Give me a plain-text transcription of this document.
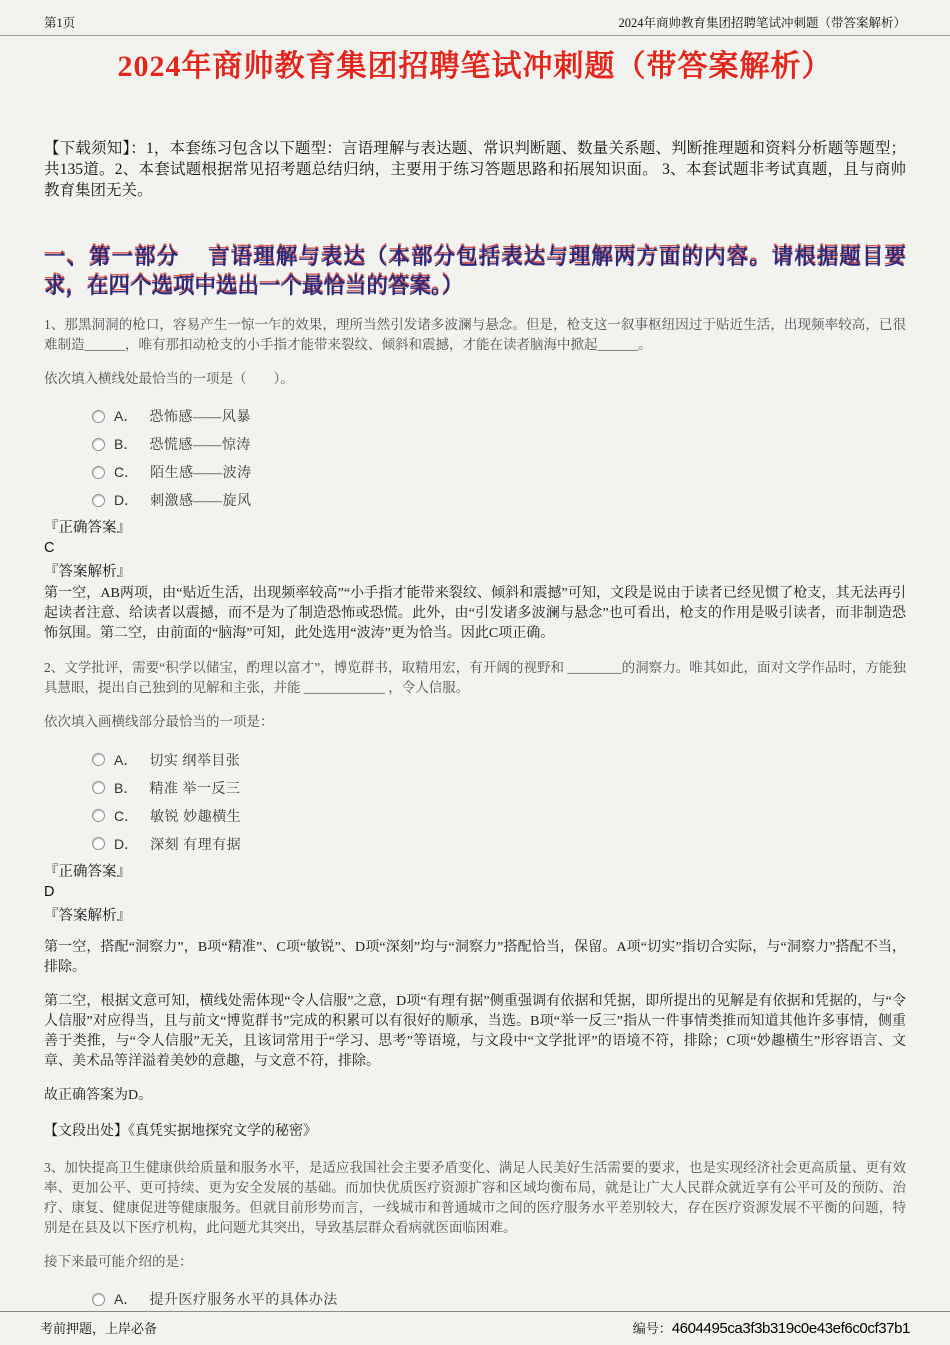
第1页	2024年商帅教育集团招聘笔试冲刺题（带答案解析）
2024年商帅教育集团招聘笔试冲刺题（带答案解析）

【下载须知】：1，本套练习包含以下题型：言语理解与表达题、常识判断题、数量关系题、判断推理题和资料分析题等题型；共135道。2、本套试题根据常见招考题总结归纳，主要用于练习答题思路和拓展知识面。 3、本套试题非考试真题，且与商帅教育集团无关。

一、第一部分　 言语理解与表达（本部分包括表达与理解两方面的内容。请根据题目要求，在四个选项中选出一个最恰当的答案。）

1、那黑洞洞的枪口，容易产生一惊一乍的效果，理所当然引发诸多波澜与悬念。但是，枪支这一叙事枢纽因过于贴近生活，出现频率较高，已很难制造______，唯有那扣动枪支的小手指才能带来裂纹、倾斜和震撼，才能在读者脑海中掀起______。

依次填入横线处最恰当的一项是（　　）。

A． 恐怖感——风暴
B． 恐慌感——惊涛
C． 陌生感——波涛
D． 刺激感——旋风
『正确答案』
C
『答案解析』

第一空，AB两项，由“贴近生活，出现频率较高”“小手指才能带来裂纹、倾斜和震撼”可知，文段是说由于读者已经见惯了枪支，其无法再引起读者注意、给读者以震撼，而不是为了制造恐怖或恐慌。此外，由“引发诸多波澜与悬念”也可看出，枪支的作用是吸引读者，而非制造恐怖氛围。第二空，由前面的“脑海”可知，此处选用“波涛”更为恰当。因此C项正确。

2、文学批评，需要“积学以储宝，酌理以富才”，博览群书，取精用宏，有开阔的视野和 ________的洞察力。唯其如此，面对文学作品时，方能独具慧眼，提出自己独到的见解和主张，并能 ____________ ，令人信服。

依次填入画横线部分最恰当的一项是：

A． 切实 纲举目张
B． 精准 举一反三
C． 敏锐 妙趣横生
D． 深刻 有理有据
『正确答案』
D
『答案解析』

第一空，搭配“洞察力”，B项“精准”、C项“敏锐”、D项“深刻”均与“洞察力”搭配恰当，保留。A项“切实”指切合实际，与“洞察力”搭配不当，排除。

第二空，根据文意可知，横线处需体现“令人信服”之意，D项“有理有据”侧重强调有依据和凭据，即所提出的见解是有依据和凭据的，与“令人信服”对应得当，且与前文“博览群书”完成的积累可以有很好的顺承，当选。B项“举一反三”指从一件事情类推而知道其他许多事情，侧重善于类推，与“令人信服”无关，且该词常用于“学习、思考”等语境，与文段中“文学批评”的语境不符，排除；C项“妙趣横生”形容语言、文章、美术品等洋溢着美妙的意趣，与文意不符，排除。

故正确答案为D。

【文段出处】《真凭实据地探究文学的秘密》

3、加快提高卫生健康供给质量和服务水平，是适应我国社会主要矛盾变化、满足人民美好生活需要的要求，也是实现经济社会更高质量、更有效率、更加公平、更可持续、更为安全发展的基础。而加快优质医疗资源扩容和区域均衡布局，就是让广大人民群众就近享有公平可及的预防、治疗、康复、健康促进等健康服务。但就目前形势而言，一线城市和普通城市之间的医疗服务水平差别较大，存在医疗资源发展不平衡的问题，特别是在县及以下医疗机构，此问题尤其突出，导致基层群众看病就医面临困难。

接下来最可能介绍的是：

A． 提升医疗服务水平的具体办法
考前押题，上岸必备	编号：4604495ca3f3b319c0e43ef6c0cf37b1
